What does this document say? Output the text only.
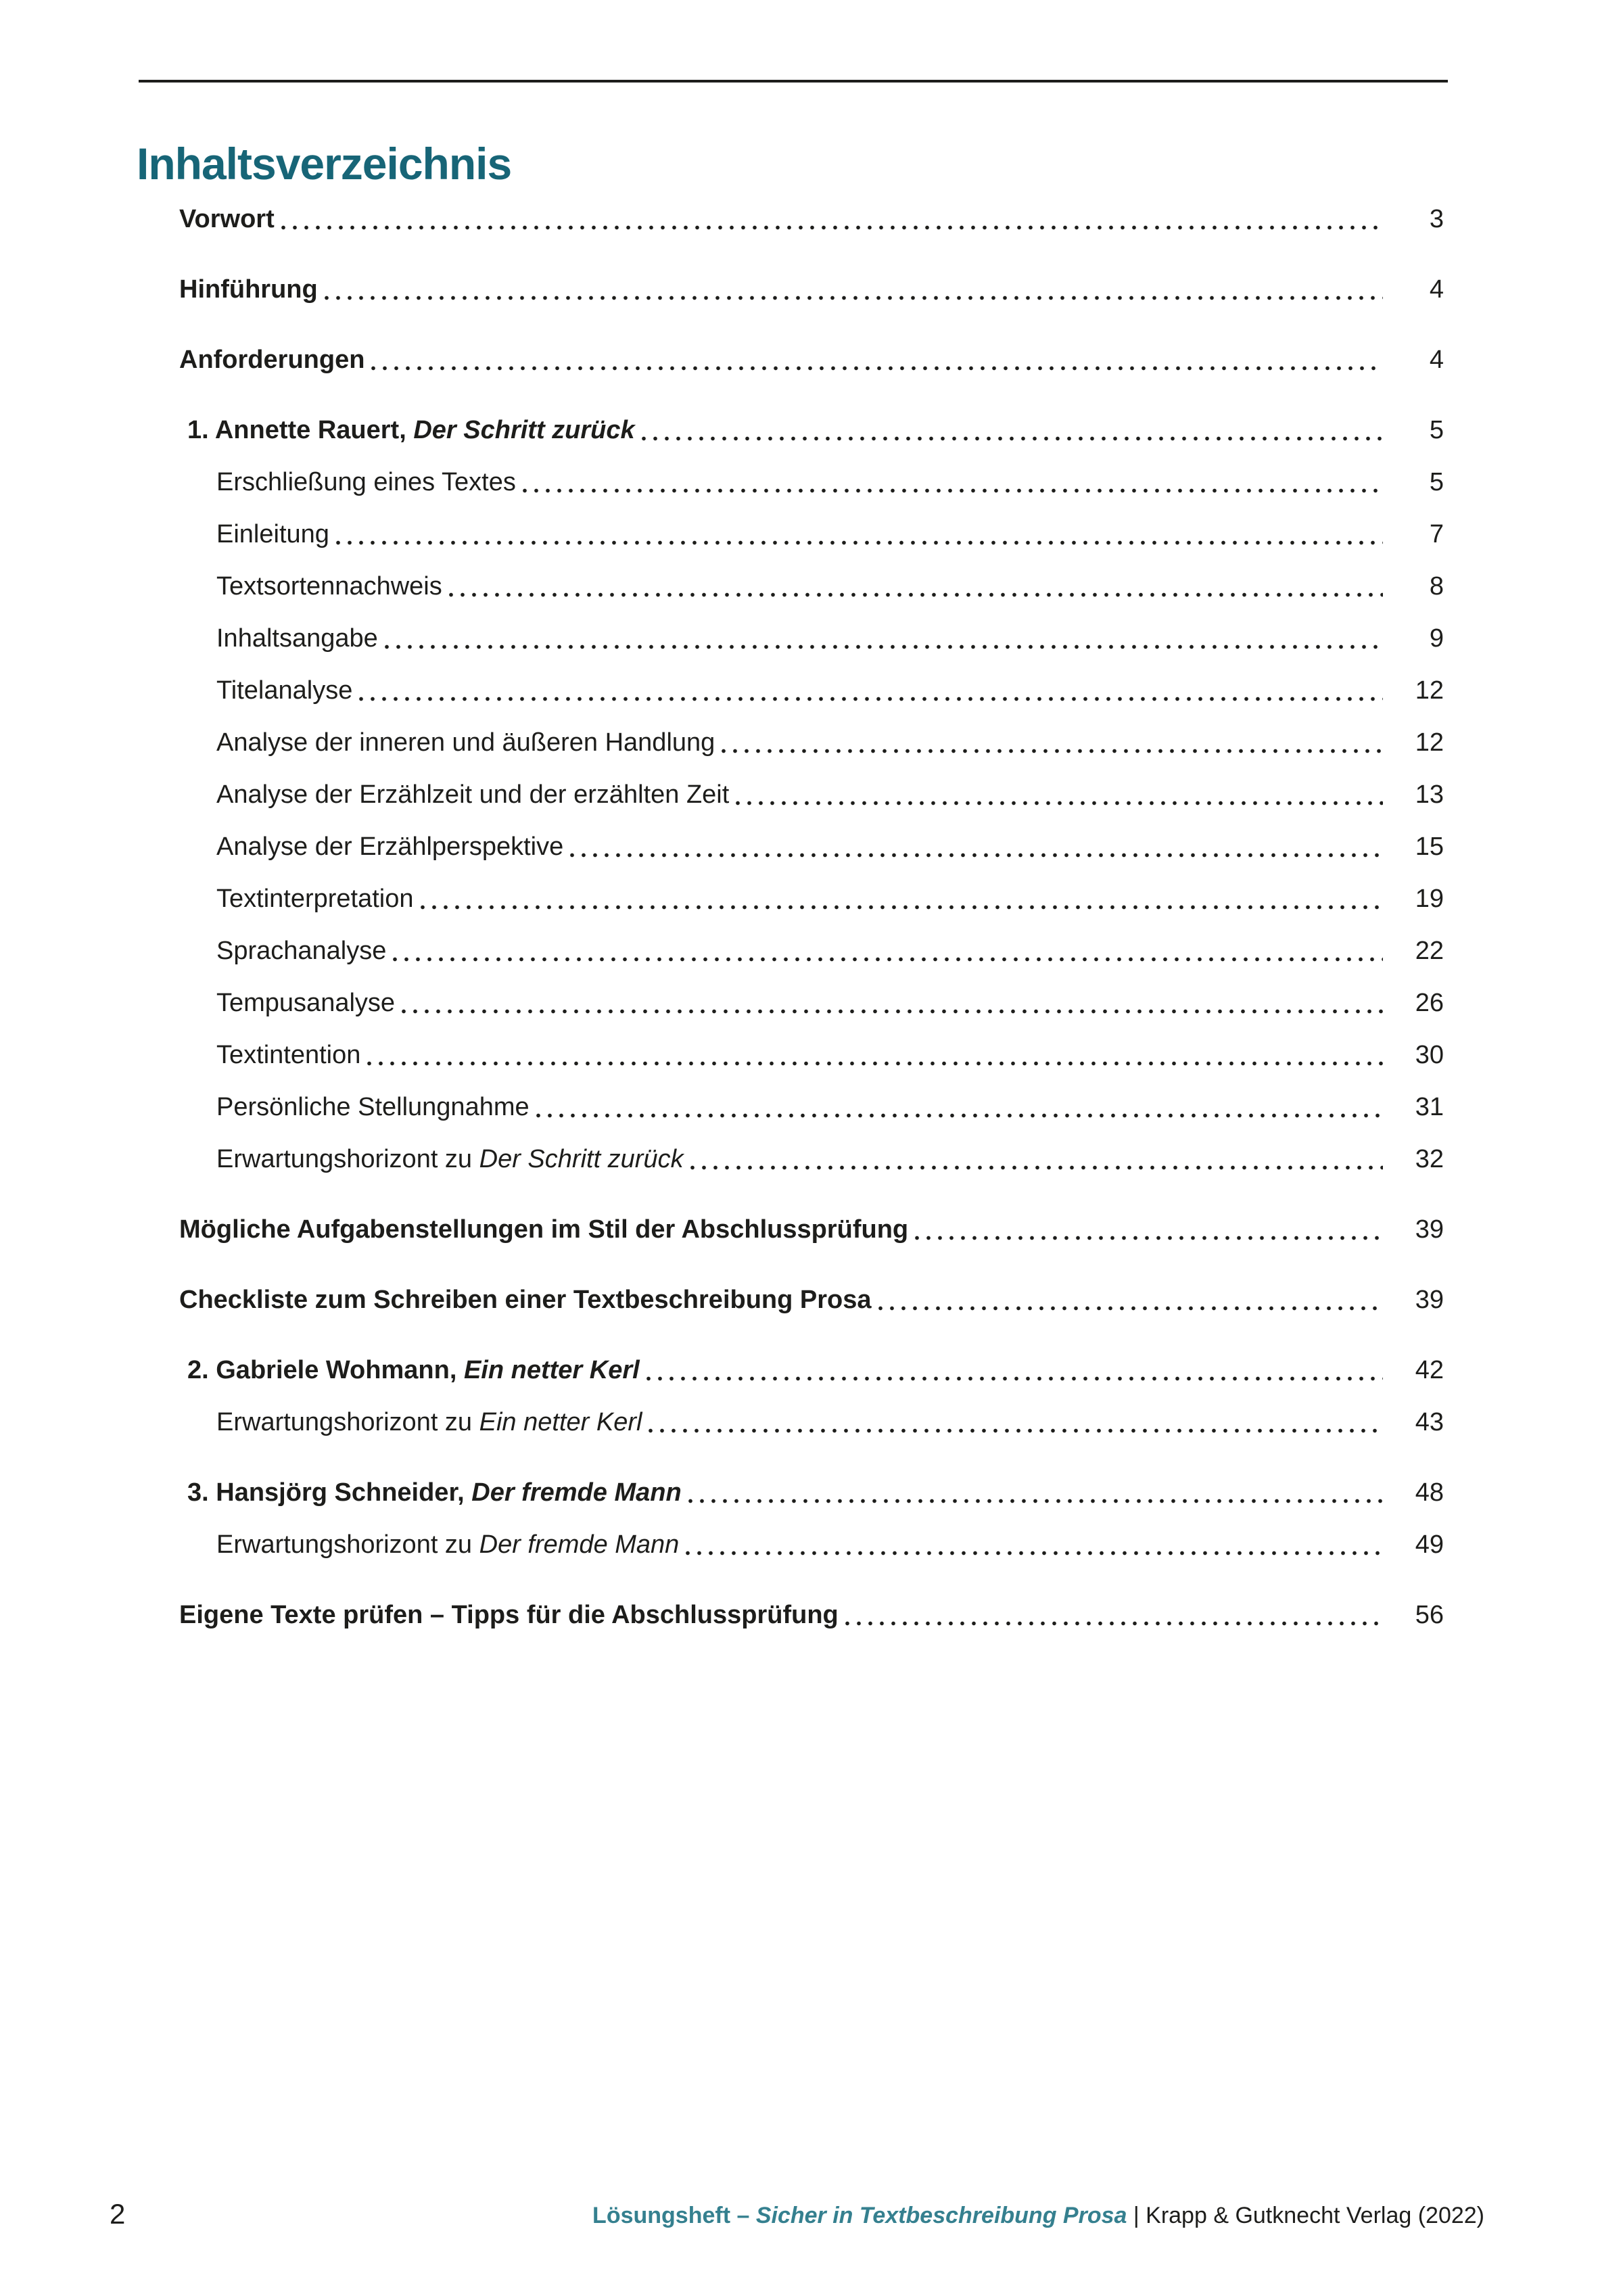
Inhaltsverzeichnis
Vorwort	3
Hinführung	4
Anforderungen	4
1. Annette Rauert, Der Schritt zurück	5
Erschließung eines Textes	5
Einleitung	7
Textsortennachweis	8
Inhaltsangabe	9
Titelanalyse	12
Analyse der inneren und äußeren Handlung	12
Analyse der Erzählzeit und der erzählten Zeit	13
Analyse der Erzählperspektive	15
Textinterpretation	19
Sprachanalyse	22
Tempusanalyse	26
Textintention	30
Persönliche Stellungnahme	31
Erwartungshorizont zu Der Schritt zurück	32
Mögliche Aufgabenstellungen im Stil der Abschlussprüfung	39
Checkliste zum Schreiben einer Textbeschreibung Prosa	39
2. Gabriele Wohmann, Ein netter Kerl	42
Erwartungshorizont zu Ein netter Kerl	43
3. Hansjörg Schneider, Der fremde Mann	48
Erwartungshorizont zu Der fremde Mann	49
Eigene Texte prüfen – Tipps für die Abschlussprüfung	56
2	Lösungsheft – Sicher in Textbeschreibung Prosa | Krapp & Gutknecht Verlag (2022)
